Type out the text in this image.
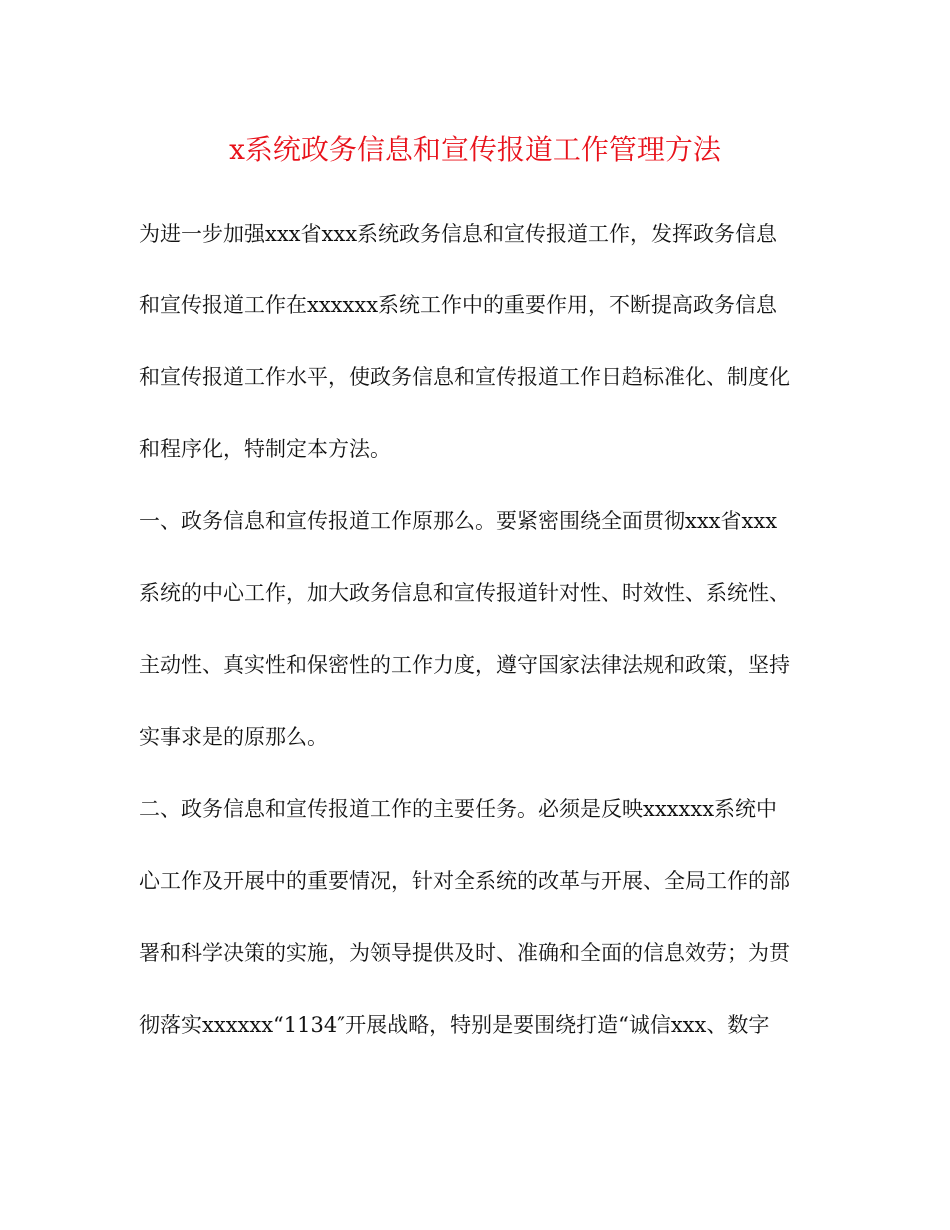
x系统政务信息和宣传报道工作管理方法
为进一步加强xxx省xxx系统政务信息和宣传报道工作，发挥政务信息
和宣传报道工作在xxxxxx系统工作中的重要作用，不断提高政务信息
和宣传报道工作水平，使政务信息和宣传报道工作日趋标准化、制度化
和程序化，特制定本方法。
一、政务信息和宣传报道工作原那么。要紧密围绕全面贯彻xxx省xxx
系统的中心工作，加大政务信息和宣传报道针对性、时效性、系统性、
主动性、真实性和保密性的工作力度，遵守国家法律法规和政策，坚持
实事求是的原那么。
二、政务信息和宣传报道工作的主要任务。必须是反映xxxxxx系统中
心工作及开展中的重要情况，针对全系统的改革与开展、全局工作的部
署和科学决策的实施，为领导提供及时、准确和全面的信息效劳；为贯
彻落实xxxxxx“1134″开展战略，特别是要围绕打造“诚信xxx、数字
